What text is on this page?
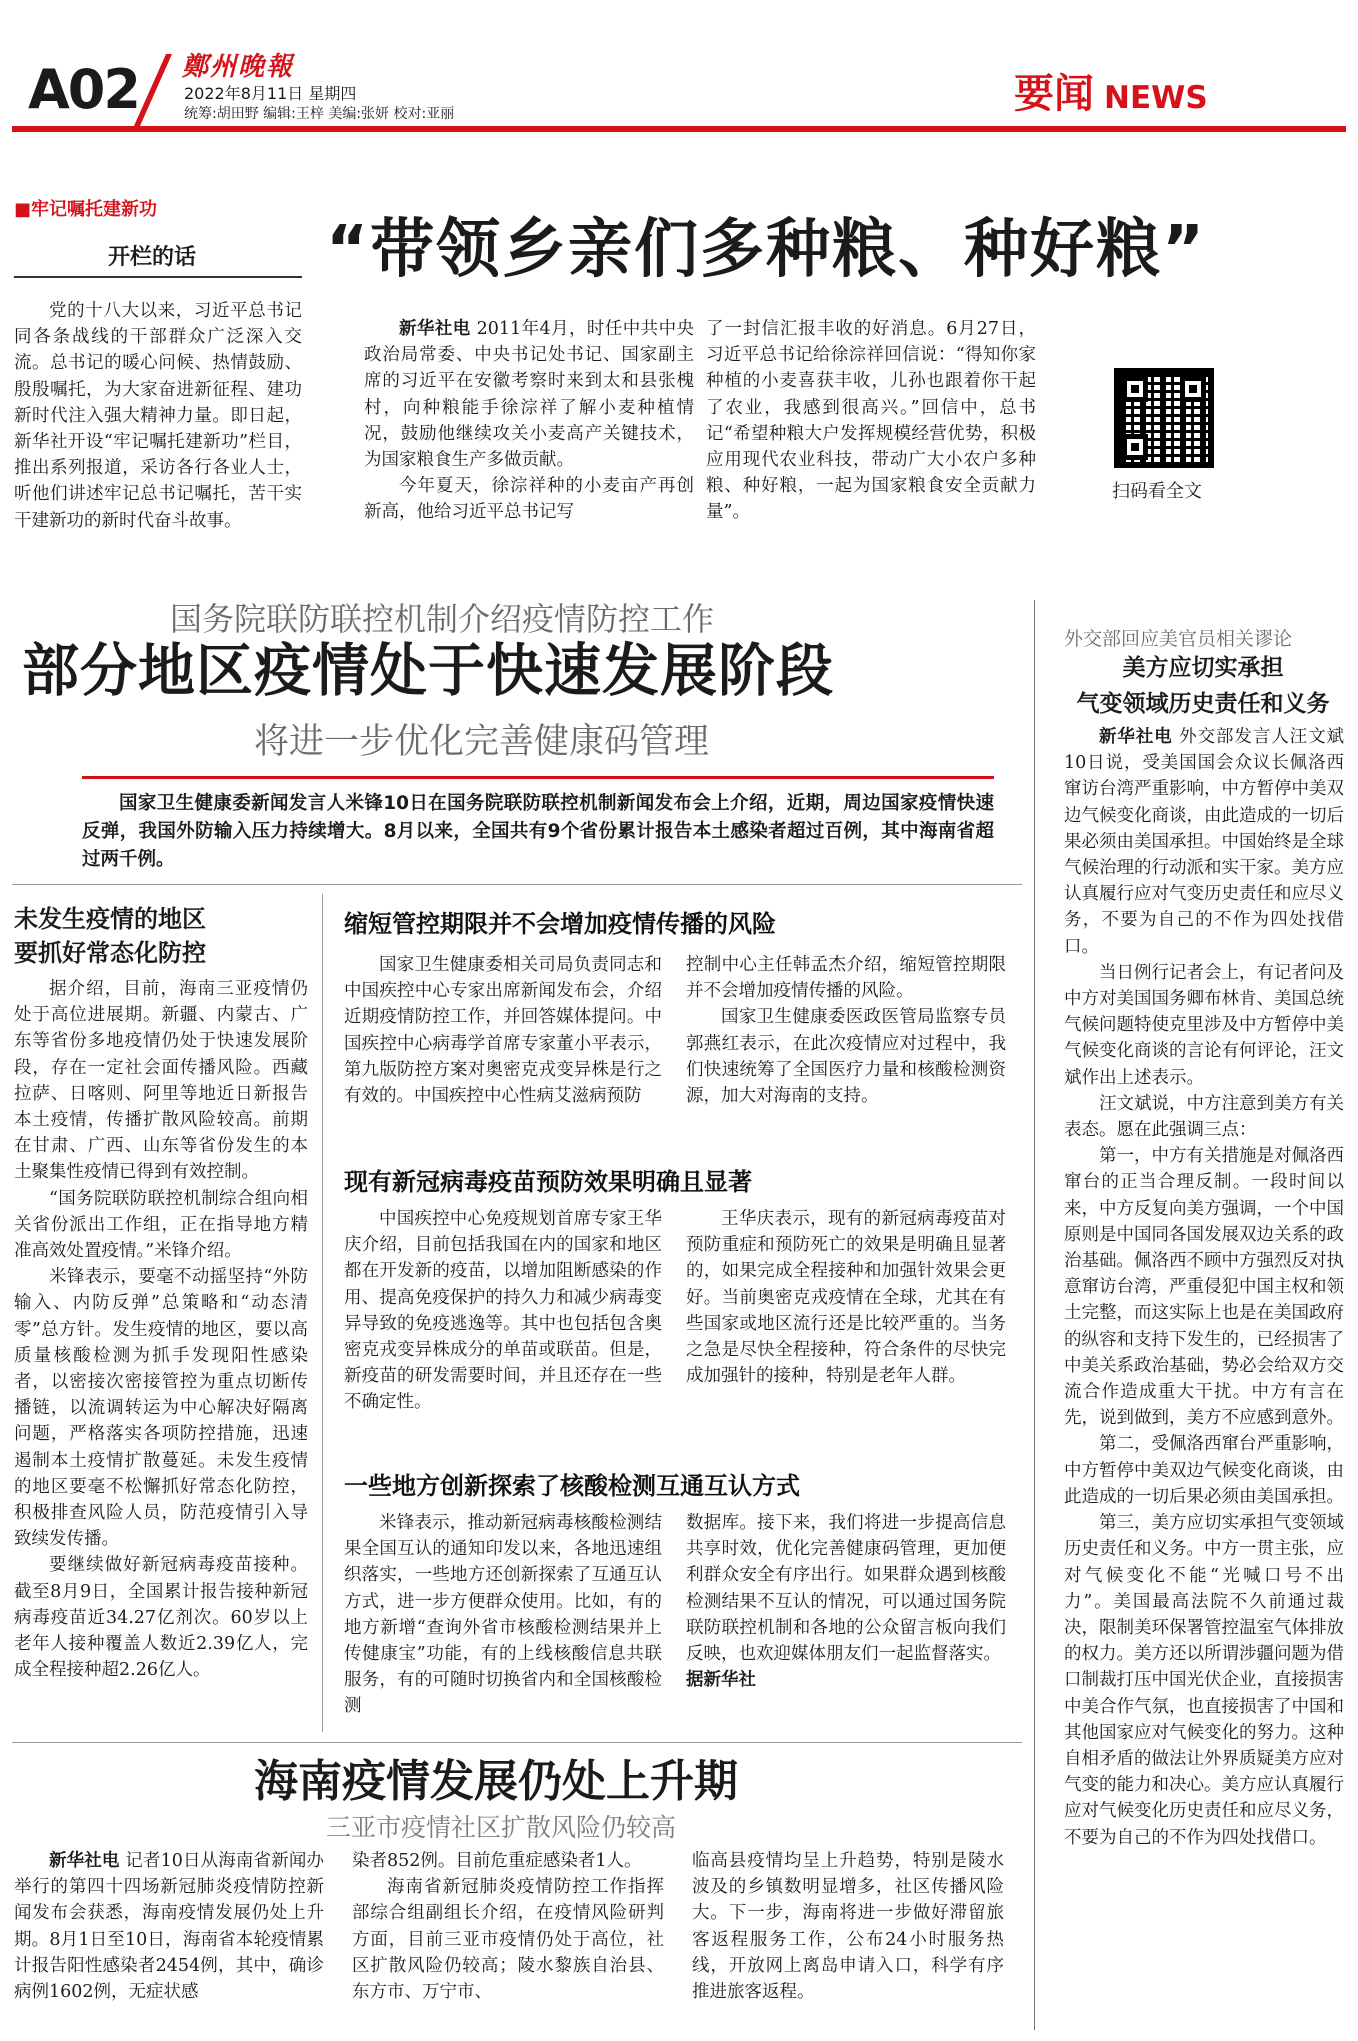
A02 鄭州晚報
2022年8月11日 星期四
统筹:胡田野 编辑:王梓 美编:张妍 校对:亚丽	要闻 NEWS
■牢记嘱托建新功
开栏的话

党的十八大以来，习近平总书记同各条战线的干部群众广泛深入交流。总书记的暖心问候、热情鼓励、殷殷嘱托，为大家奋进新征程、建功新时代注入强大精神力量。即日起，新华社开设“牢记嘱托建新功”栏目，推出系列报道，采访各行各业人士，听他们讲述牢记总书记嘱托，苦干实干建新功的新时代奋斗故事。

“带领乡亲们多种粮、种好粮”

新华社电 2011年4月，时任中共中央政治局常委、中央书记处书记、国家副主席的习近平在安徽考察时来到太和县张槐村，向种粮能手徐淙祥了解小麦种植情况，鼓励他继续攻关小麦高产关键技术，为国家粮食生产多做贡献。

今年夏天，徐淙祥种的小麦亩产再创新高，他给习近平总书记写

了一封信汇报丰收的好消息。6月27日，习近平总书记给徐淙祥回信说：“得知你家种植的小麦喜获丰收，儿孙也跟着你干起了农业，我感到很高兴。”回信中，总书记“希望种粮大户发挥规模经营优势，积极应用现代农业科技，带动广大小农户多种粮、种好粮，一起为国家粮食安全贡献力量”。

扫码看全文
国务院联防联控机制介绍疫情防控工作
部分地区疫情处于快速发展阶段
将进一步优化完善健康码管理
国家卫生健康委新闻发言人米锋10日在国务院联防联控机制新闻发布会上介绍，近期，周边国家疫情快速反弹，我国外防输入压力持续增大。8月以来，全国共有9个省份累计报告本土感染者超过百例，其中海南省超过两千例。
未发生疫情的地区
要抓好常态化防控

据介绍，目前，海南三亚疫情仍处于高位进展期。新疆、内蒙古、广东等省份多地疫情仍处于快速发展阶段，存在一定社会面传播风险。西藏拉萨、日喀则、阿里等地近日新报告本土疫情，传播扩散风险较高。前期在甘肃、广西、山东等省份发生的本土聚集性疫情已得到有效控制。

“国务院联防联控机制综合组向相关省份派出工作组，正在指导地方精准高效处置疫情。”米锋介绍。

米锋表示，要毫不动摇坚持“外防输入、内防反弹”总策略和“动态清零”总方针。发生疫情的地区，要以高质量核酸检测为抓手发现阳性感染者，以密接次密接管控为重点切断传播链，以流调转运为中心解决好隔离问题，严格落实各项防控措施，迅速遏制本土疫情扩散蔓延。未发生疫情的地区要毫不松懈抓好常态化防控，积极排查风险人员，防范疫情引入导致续发传播。

要继续做好新冠病毒疫苗接种。截至8月9日，全国累计报告接种新冠病毒疫苗近34.27亿剂次。60岁以上老年人接种覆盖人数近2.39亿人，完成全程接种超2.26亿人。

缩短管控期限并不会增加疫情传播的风险

国家卫生健康委相关司局负责同志和中国疾控中心专家出席新闻发布会，介绍近期疫情防控工作，并回答媒体提问。中国疾控中心病毒学首席专家董小平表示，第九版防控方案对奥密克戎变异株是行之有效的。中国疾控中心性病艾滋病预防

控制中心主任韩孟杰介绍，缩短管控期限并不会增加疫情传播的风险。

国家卫生健康委医政医管局监察专员郭燕红表示，在此次疫情应对过程中，我们快速统筹了全国医疗力量和核酸检测资源，加大对海南的支持。

现有新冠病毒疫苗预防效果明确且显著

中国疾控中心免疫规划首席专家王华庆介绍，目前包括我国在内的国家和地区都在开发新的疫苗，以增加阻断感染的作用、提高免疫保护的持久力和减少病毒变异导致的免疫逃逸等。其中也包括包含奥密克戎变异株成分的单苗或联苗。但是，新疫苗的研发需要时间，并且还存在一些不确定性。

王华庆表示，现有的新冠病毒疫苗对预防重症和预防死亡的效果是明确且显著的，如果完成全程接种和加强针效果会更好。当前奥密克戎疫情在全球，尤其在有些国家或地区流行还是比较严重的。当务之急是尽快全程接种，符合条件的尽快完成加强针的接种，特别是老年人群。

一些地方创新探索了核酸检测互通互认方式

米锋表示，推动新冠病毒核酸检测结果全国互认的通知印发以来，各地迅速组织落实，一些地方还创新探索了互通互认方式，进一步方便群众使用。比如，有的地方新增“查询外省市核酸检测结果并上传健康宝”功能，有的上线核酸信息共联服务，有的可随时切换省内和全国核酸检测

数据库。接下来，我们将进一步提高信息共享时效，优化完善健康码管理，更加便利群众安全有序出行。如果群众遇到核酸检测结果不互认的情况，可以通过国务院联防联控机制和各地的公众留言板向我们反映，也欢迎媒体朋友们一起监督落实。

据新华社

海南疫情发展仍处上升期
三亚市疫情社区扩散风险仍较高

新华社电 记者10日从海南省新闻办举行的第四十四场新冠肺炎疫情防控新闻发布会获悉，海南疫情发展仍处上升期。8月1日至10日，海南省本轮疫情累计报告阳性感染者2454例，其中，确诊病例1602例，无症状感

染者852例。目前危重症感染者1人。

海南省新冠肺炎疫情防控工作指挥部综合组副组长介绍，在疫情风险研判方面，目前三亚市疫情仍处于高位，社区扩散风险仍较高；陵水黎族自治县、东方市、万宁市、

临高县疫情均呈上升趋势，特别是陵水波及的乡镇数明显增多，社区传播风险大。下一步，海南将进一步做好滞留旅客返程服务工作，公布24小时服务热线，开放网上离岛申请入口，科学有序推进旅客返程。

外交部回应美官员相关谬论
美方应切实承担
气变领域历史责任和义务

新华社电 外交部发言人汪文斌10日说，受美国国会众议长佩洛西窜访台湾严重影响，中方暂停中美双边气候变化商谈，由此造成的一切后果必须由美国承担。中国始终是全球气候治理的行动派和实干家。美方应认真履行应对气变历史责任和应尽义务，不要为自己的不作为四处找借口。

当日例行记者会上，有记者问及中方对美国国务卿布林肯、美国总统气候问题特使克里涉及中方暂停中美气候变化商谈的言论有何评论，汪文斌作出上述表示。

汪文斌说，中方注意到美方有关表态。愿在此强调三点：

第一，中方有关措施是对佩洛西窜台的正当合理反制。一段时间以来，中方反复向美方强调，一个中国原则是中国同各国发展双边关系的政治基础。佩洛西不顾中方强烈反对执意窜访台湾，严重侵犯中国主权和领土完整，而这实际上也是在美国政府的纵容和支持下发生的，已经损害了中美关系政治基础，势必会给双方交流合作造成重大干扰。中方有言在先，说到做到，美方不应感到意外。

第二，受佩洛西窜台严重影响，中方暂停中美双边气候变化商谈，由此造成的一切后果必须由美国承担。

第三，美方应切实承担气变领域历史责任和义务。中方一贯主张，应对气候变化不能“光喊口号不出力”。美国最高法院不久前通过裁决，限制美环保署管控温室气体排放的权力。美方还以所谓涉疆问题为借口制裁打压中国光伏企业，直接损害中美合作气氛，也直接损害了中国和其他国家应对气候变化的努力。这种自相矛盾的做法让外界质疑美方应对气变的能力和决心。美方应认真履行应对气候变化历史责任和应尽义务，不要为自己的不作为四处找借口。
